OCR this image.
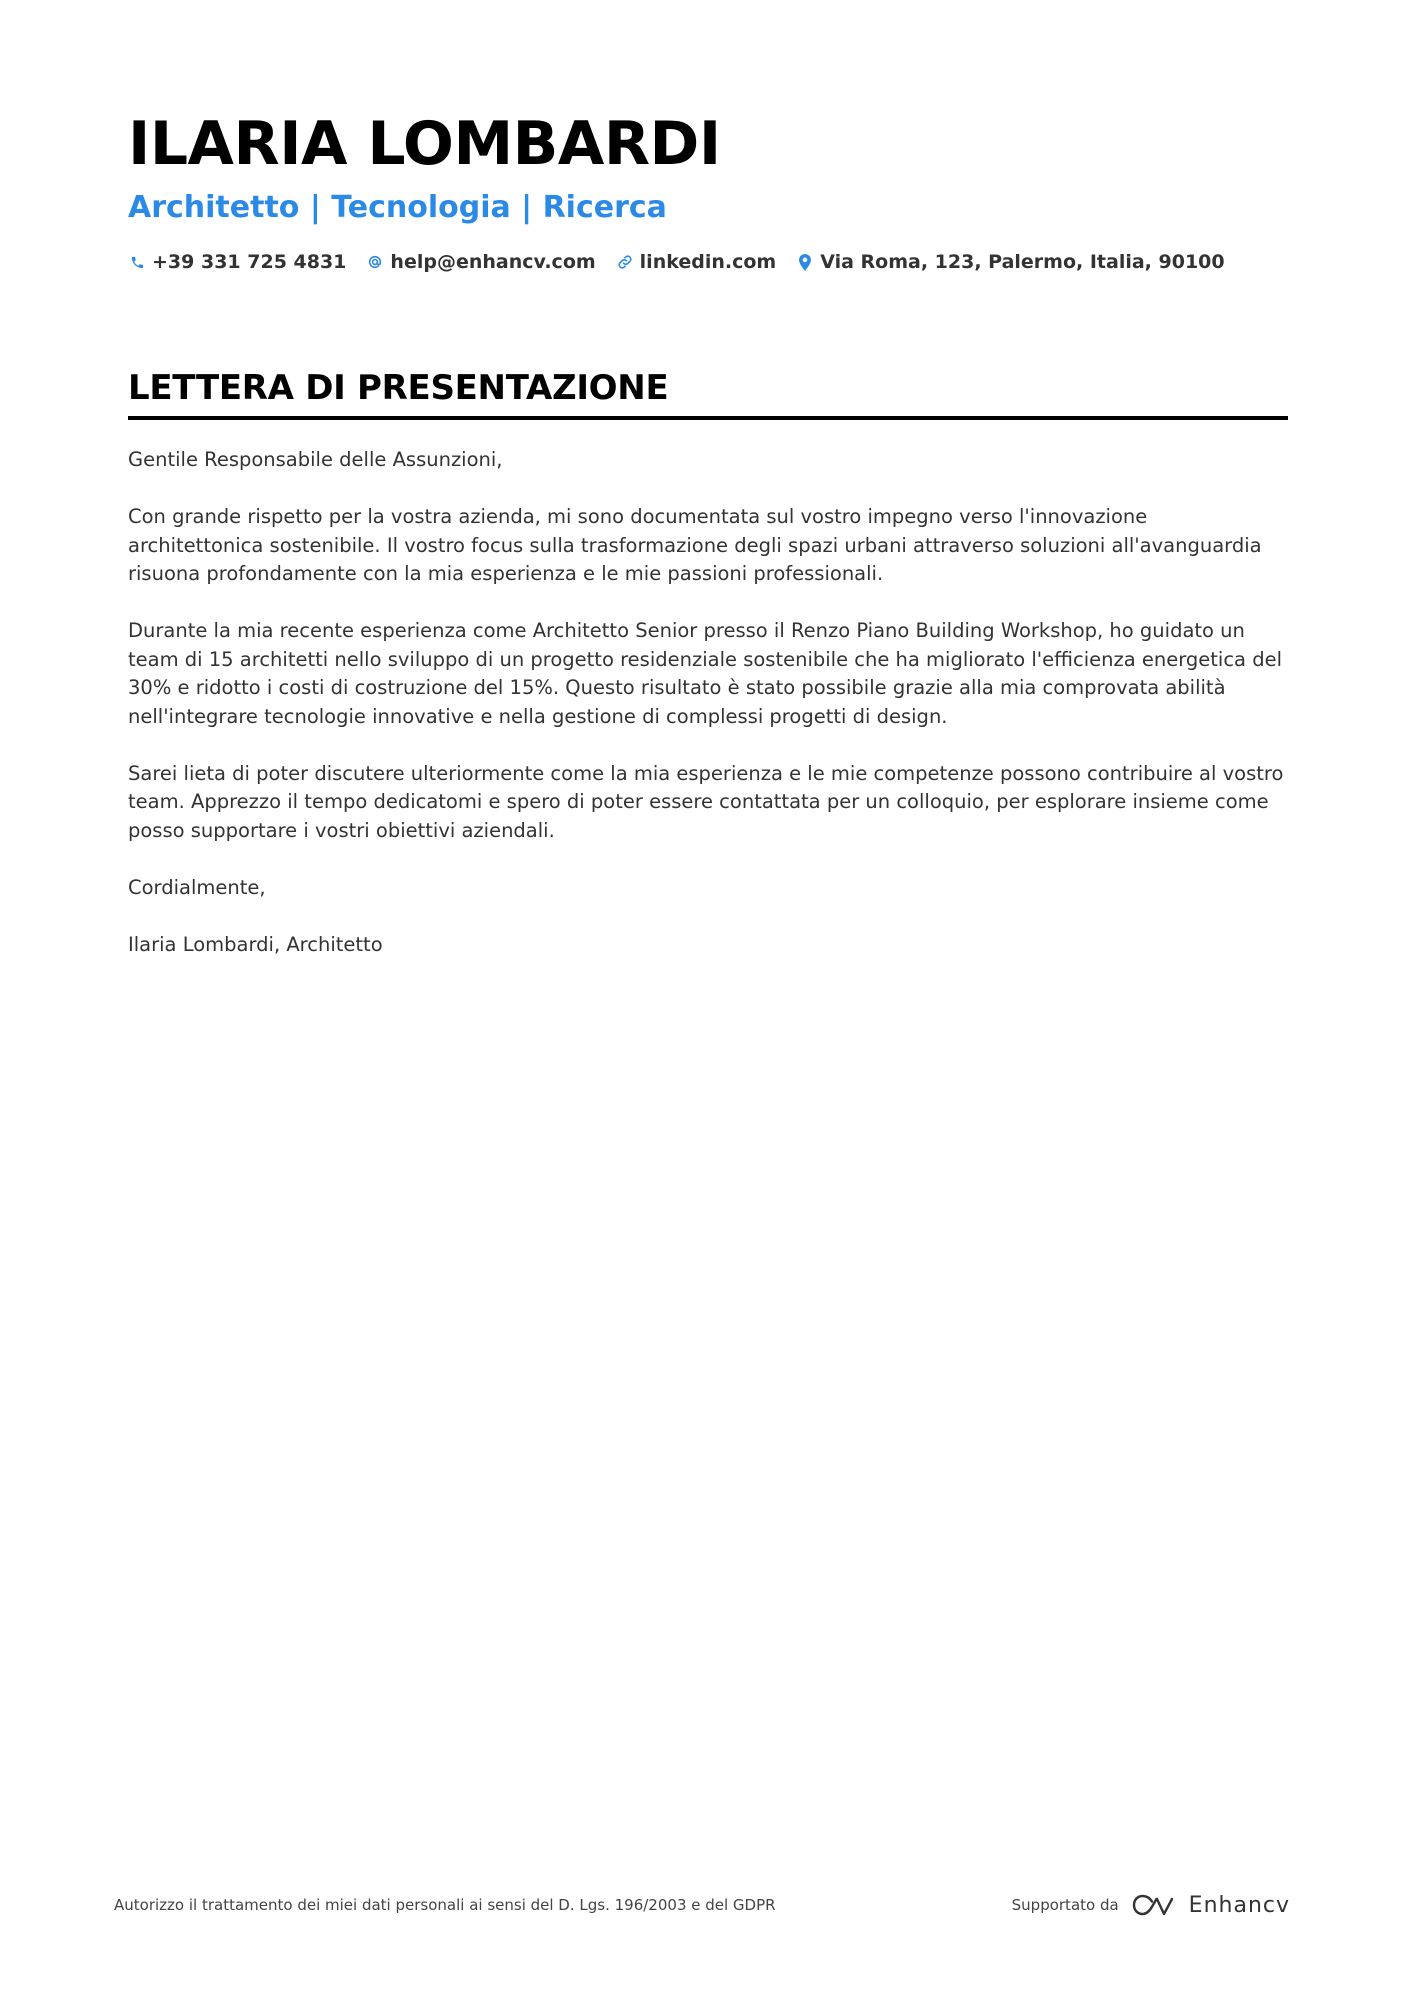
ILARIA LOMBARDI
Architetto | Tecnologia | Ricerca
+39 331 725 4831 help@enhancv.com linkedin.com Via Roma, 123, Palermo, Italia, 90100
LETTERA DI PRESENTAZIONE

Gentile Responsabile delle Assunzioni,

Con grande rispetto per la vostra azienda, mi sono documentata sul vostro impegno verso l'innovazione architettonica sostenibile. Il vostro focus sulla trasformazione degli spazi urbani attraverso soluzioni all'avanguardia risuona profondamente con la mia esperienza e le mie passioni professionali.

Durante la mia recente esperienza come Architetto Senior presso il Renzo Piano Building Workshop, ho guidato un team di 15 architetti nello sviluppo di un progetto residenziale sostenibile che ha migliorato l'efficienza energetica del 30% e ridotto i costi di costruzione del 15%. Questo risultato è stato possibile grazie alla mia comprovata abilità nell'integrare tecnologie innovative e nella gestione di complessi progetti di design.

Sarei lieta di poter discutere ulteriormente come la mia esperienza e le mie competenze possono contribuire al vostro team. Apprezzo il tempo dedicatomi e spero di poter essere contattata per un colloquio, per esplorare insieme come posso supportare i vostri obiettivi aziendali.

Cordialmente,

Ilaria Lombardi, Architetto

Autorizzo il trattamento dei miei dati personali ai sensi del D. Lgs. 196/2003 e del GDPR	Supportato da	Enhancv
